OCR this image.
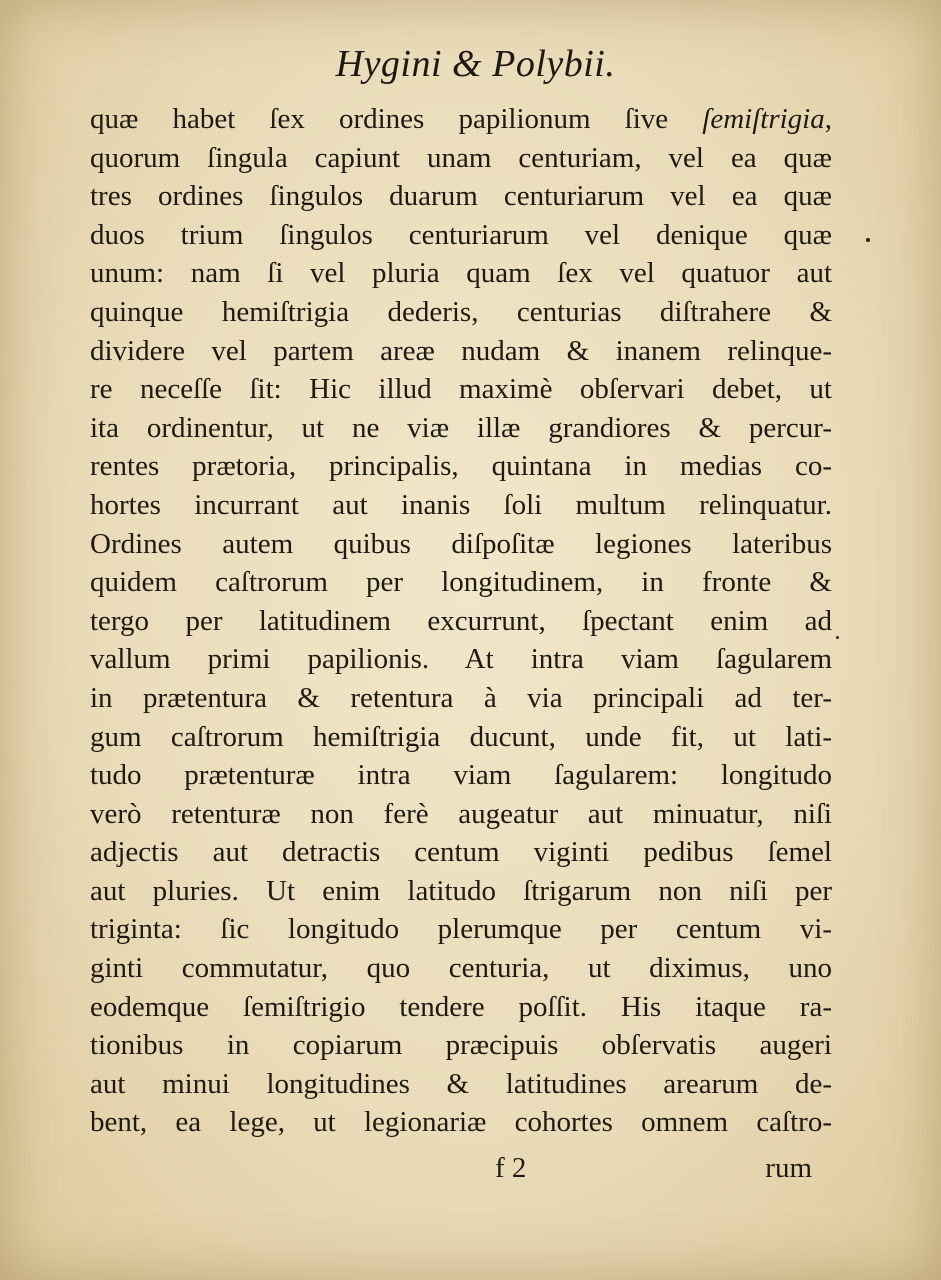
Hygini & Polybii.
quæ habet ſex ordines papilionum ſive ſemiſtrigia,
quorum ſingula capiunt unam centuriam, vel ea quæ
tres ordines ſingulos duarum centuriarum vel ea quæ
duos trium ſingulos centuriarum vel denique quæ
unum: nam ſi vel pluria quam ſex vel quatuor aut
quinque hemiſtrigia dederis, centurias diſtrahere &
dividere vel partem areæ nudam & inanem relinque-
re neceſſe ſit: Hic illud maximè obſervari debet, ut
ita ordinentur, ut ne viæ illæ grandiores & percur-
rentes prætoria, principalis, quintana in medias co-
hortes incurrant aut inanis ſoli multum relinquatur.
Ordines autem quibus diſpoſitæ legiones lateribus
quidem caſtrorum per longitudinem, in fronte &
tergo per latitudinem excurrunt, ſpectant enim ad
vallum primi papilionis. At intra viam ſagularem
in prætentura & retentura à via principali ad ter-
gum caſtrorum hemiſtrigia ducunt, unde fit, ut lati-
tudo prætenturæ intra viam ſagularem: longitudo
verò retenturæ non ferè augeatur aut minuatur, niſi
adjectis aut detractis centum viginti pedibus ſemel
aut pluries. Ut enim latitudo ſtrigarum non niſi per
triginta: ſic longitudo plerumque per centum vi-
ginti commutatur, quo centuria, ut diximus, uno
eodemque ſemiſtrigio tendere poſſit. His itaque ra-
tionibus in copiarum præcipuis obſervatis augeri
aut minui longitudines & latitudines arearum de-
bent, ea lege, ut legionariæ cohortes omnem caſtro-
f 2	rum
